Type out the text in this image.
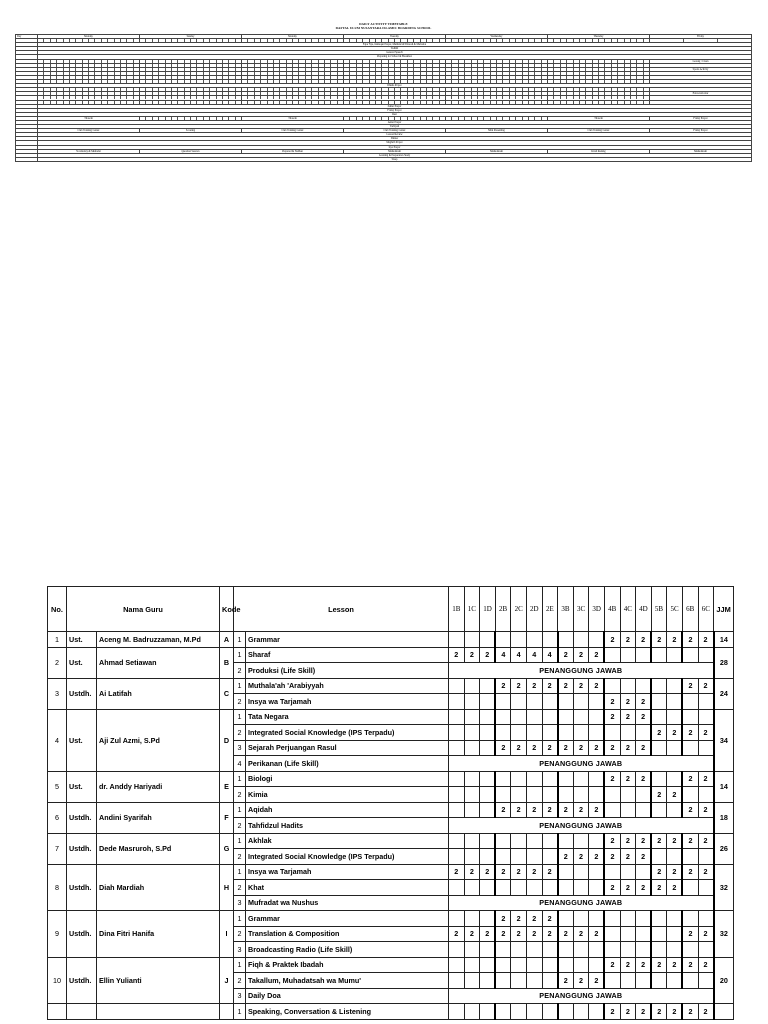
DAILY ACTIVITY TIMETABLE
DAFTAL ULUM NUSANTARA ISLAMIC BOARDING SCHOOL
Day	Monday	Sunday	Monday	Tuesday	Wednesday	Thursday	Friday

	Fajar Nya, Inshaqan Prayer, Muthala'ah/Tilawah & Mufradat						
	Tadhiif						
	General Speech						
	Preparing for School & Breakfast						

	Gotong / Clean

	Sports Activity

	Dhuha Prayer						

	Extracurricular

	Zuhur Prayer						
	Friday Prayer						
	Rest						
	Tilawah		Tilawah			Tilawah	Friday Prayer
	Ashar Prayer						
	Tarbiyah						
	Club Training Center	Scouting	Club Training Center	Club Training Center	Mini Presenting	Club Training Center	Friday Prayer
	Lesson Review						
	Dinner						
	Maghrib Prayer						
	Isya Prayer						
	Vocabulary & Mufradat	Question Session	Prepared & Nadhan	Muhadatsah	Muhadatsah	Kitab Kuning	Muhadatsah
	Learning & Preparation Study						
	Sleep						
No.	Nama Guru		Kode	Lesson		1B	1C	1D	2B	2C	2D	2E	3B	3C	3D	4B	4C	4D	5B	5C	6B	6C	JJM
1	Ust.	Aceng M. Badruzzaman, M.Pd	A	1	Grammar											2	2	2	2	2	2	2	14
2	Ust.	Ahmad Setiawan	B	1	Sharaf	2	2	2	4	4	4	4	2	2	2								28
				2	Produksi (Life Skill)	PENANGGUNG JAWAB																	
3	Ustdh.	Ai Latifah	C	1	Muthala'ah 'Arabiyyah				2	2	2	2	2	2	2						2	2	24
				2	Insya wa Tarjamah											2	2	2					
4	Ust.	Aji Zul Azmi, S.Pd	D	1	Tata Negara											2	2	2					34
				2	Integrated Social Knowledge (IPS Terpadu)														2	2	2	2	
				3	Sejarah Perjuangan Rasul				2	2	2	2	2	2	2	2	2	2					
				4	Perikanan (Life Skill)	PENANGGUNG JAWAB																	
5	Ust.	dr. Anddy Hariyadi	E	1	Biologi											2	2	2			2	2	14
				2	Kimia														2	2			
6	Ustdh.	Andini Syarifah	F	1	Aqidah				2	2	2	2	2	2	2						2	2	18
				2	Tahfidzul Hadits	PENANGGUNG JAWAB																	
7	Ustdh.	Dede Masruroh, S.Pd	G	1	Akhlak											2	2	2	2	2	2	2	26
				2	Integrated Social Knowledge (IPS Terpadu)								2	2	2	2	2	2					
8	Ustdh.	Diah Mardiah	H	1	Insya wa Tarjamah	2	2	2	2	2	2	2							2	2	2	2	32
				2	Khat											2	2	2	2	2			
				3	Mufradat wa Nushus	PENANGGUNG JAWAB																	
9	Ustdh.	Dina Fitri Hanifa	I	1	Grammar				2	2	2	2											32
				2	Translation & Composition	2	2	2	2	2	2	2	2	2	2						2	2	
				3	Broadcasting Radio (Life Skill)																		
10	Ustdh.	Ellin Yulianti	J	1	Fiqh & Praktek Ibadah											2	2	2	2	2	2	2	20
				2	Takallum, Muhadatsah wa Mumu'								2	2	2								
				3	Daily Doa	PENANGGUNG JAWAB																	
				1	Speaking, Conversation & Listening											2	2	2	2	2	2	2	
